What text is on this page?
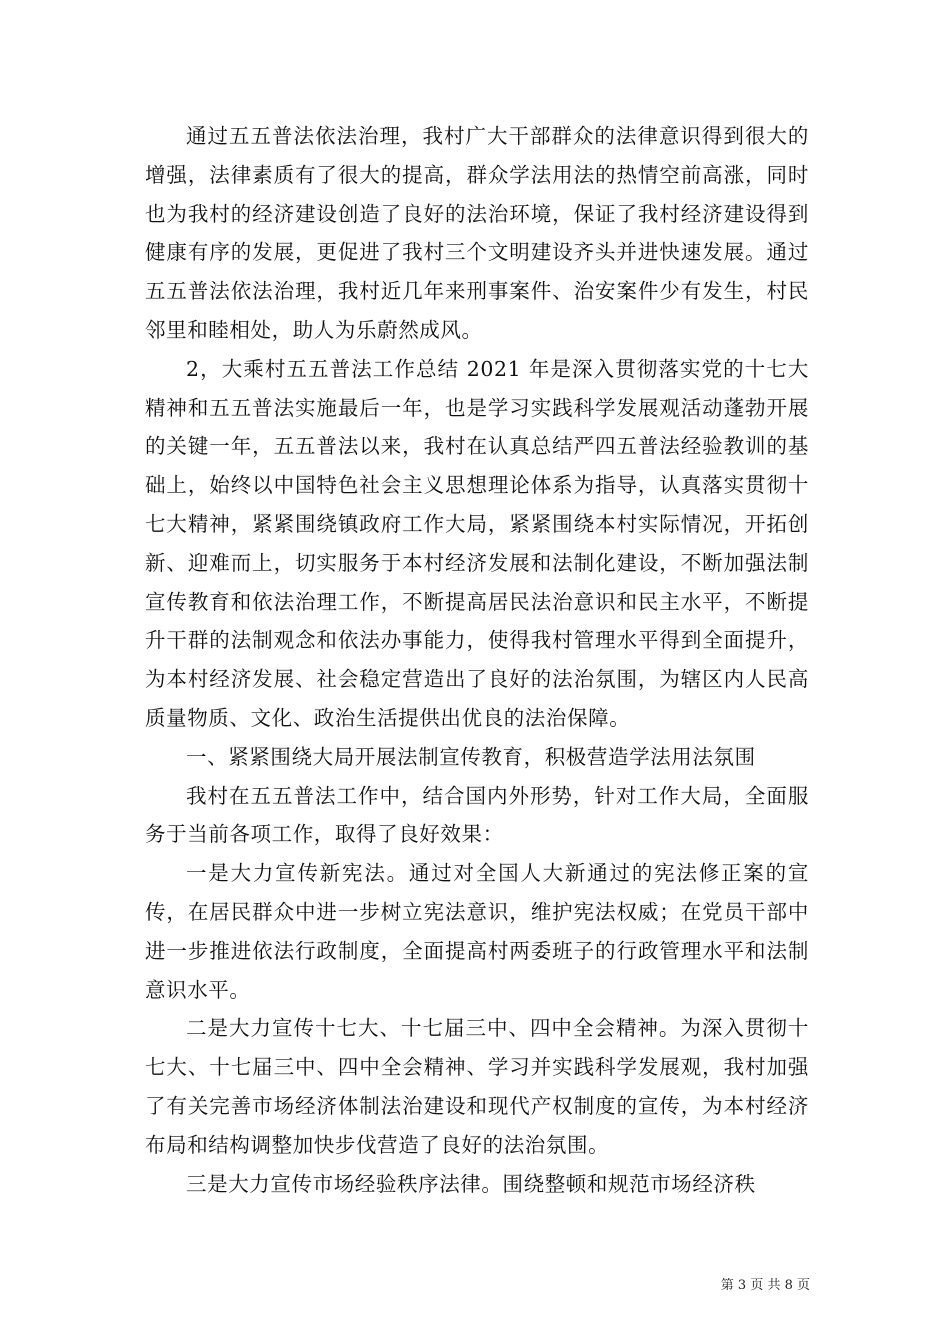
通过五五普法依法治理，我村广大干部群众的法律意识得到很大的增强，法律素质有了很大的提高，群众学法用法的热情空前高涨，同时也为我村的经济建设创造了良好的法治环境，保证了我村经济建设得到健康有序的发展，更促进了我村三个文明建设齐头并进快速发展。通过五五普法依法治理，我村近几年来刑事案件、治安案件少有发生，村民邻里和睦相处，助人为乐蔚然成风。

2，大乘村五五普法工作总结 2021 年是深入贯彻落实党的十七大精神和五五普法实施最后一年，也是学习实践科学发展观活动蓬勃开展的关键一年，五五普法以来，我村在认真总结严四五普法经验教训的基础上，始终以中国特色社会主义思想理论体系为指导，认真落实贯彻十七大精神，紧紧围绕镇政府工作大局，紧紧围绕本村实际情况，开拓创新、迎难而上，切实服务于本村经济发展和法制化建设，不断加强法制宣传教育和依法治理工作，不断提高居民法治意识和民主水平，不断提升干群的法制观念和依法办事能力，使得我村管理水平得到全面提升，为本村经济发展、社会稳定营造出了良好的法治氛围，为辖区内人民高质量物质、文化、政治生活提供出优良的法治保障。

一、紧紧围绕大局开展法制宣传教育，积极营造学法用法氛围

我村在五五普法工作中，结合国内外形势，针对工作大局，全面服务于当前各项工作，取得了良好效果：

一是大力宣传新宪法。通过对全国人大新通过的宪法修正案的宣传，在居民群众中进一步树立宪法意识，维护宪法权威；在党员干部中进一步推进依法行政制度，全面提高村两委班子的行政管理水平和法制意识水平。

二是大力宣传十七大、十七届三中、四中全会精神。为深入贯彻十七大、十七届三中、四中全会精神、学习并实践科学发展观，我村加强了有关完善市场经济体制法治建设和现代产权制度的宣传，为本村经济布局和结构调整加快步伐营造了良好的法治氛围。

三是大力宣传市场经验秩序法律。围绕整顿和规范市场经济秩

第 3 页 共 8 页
